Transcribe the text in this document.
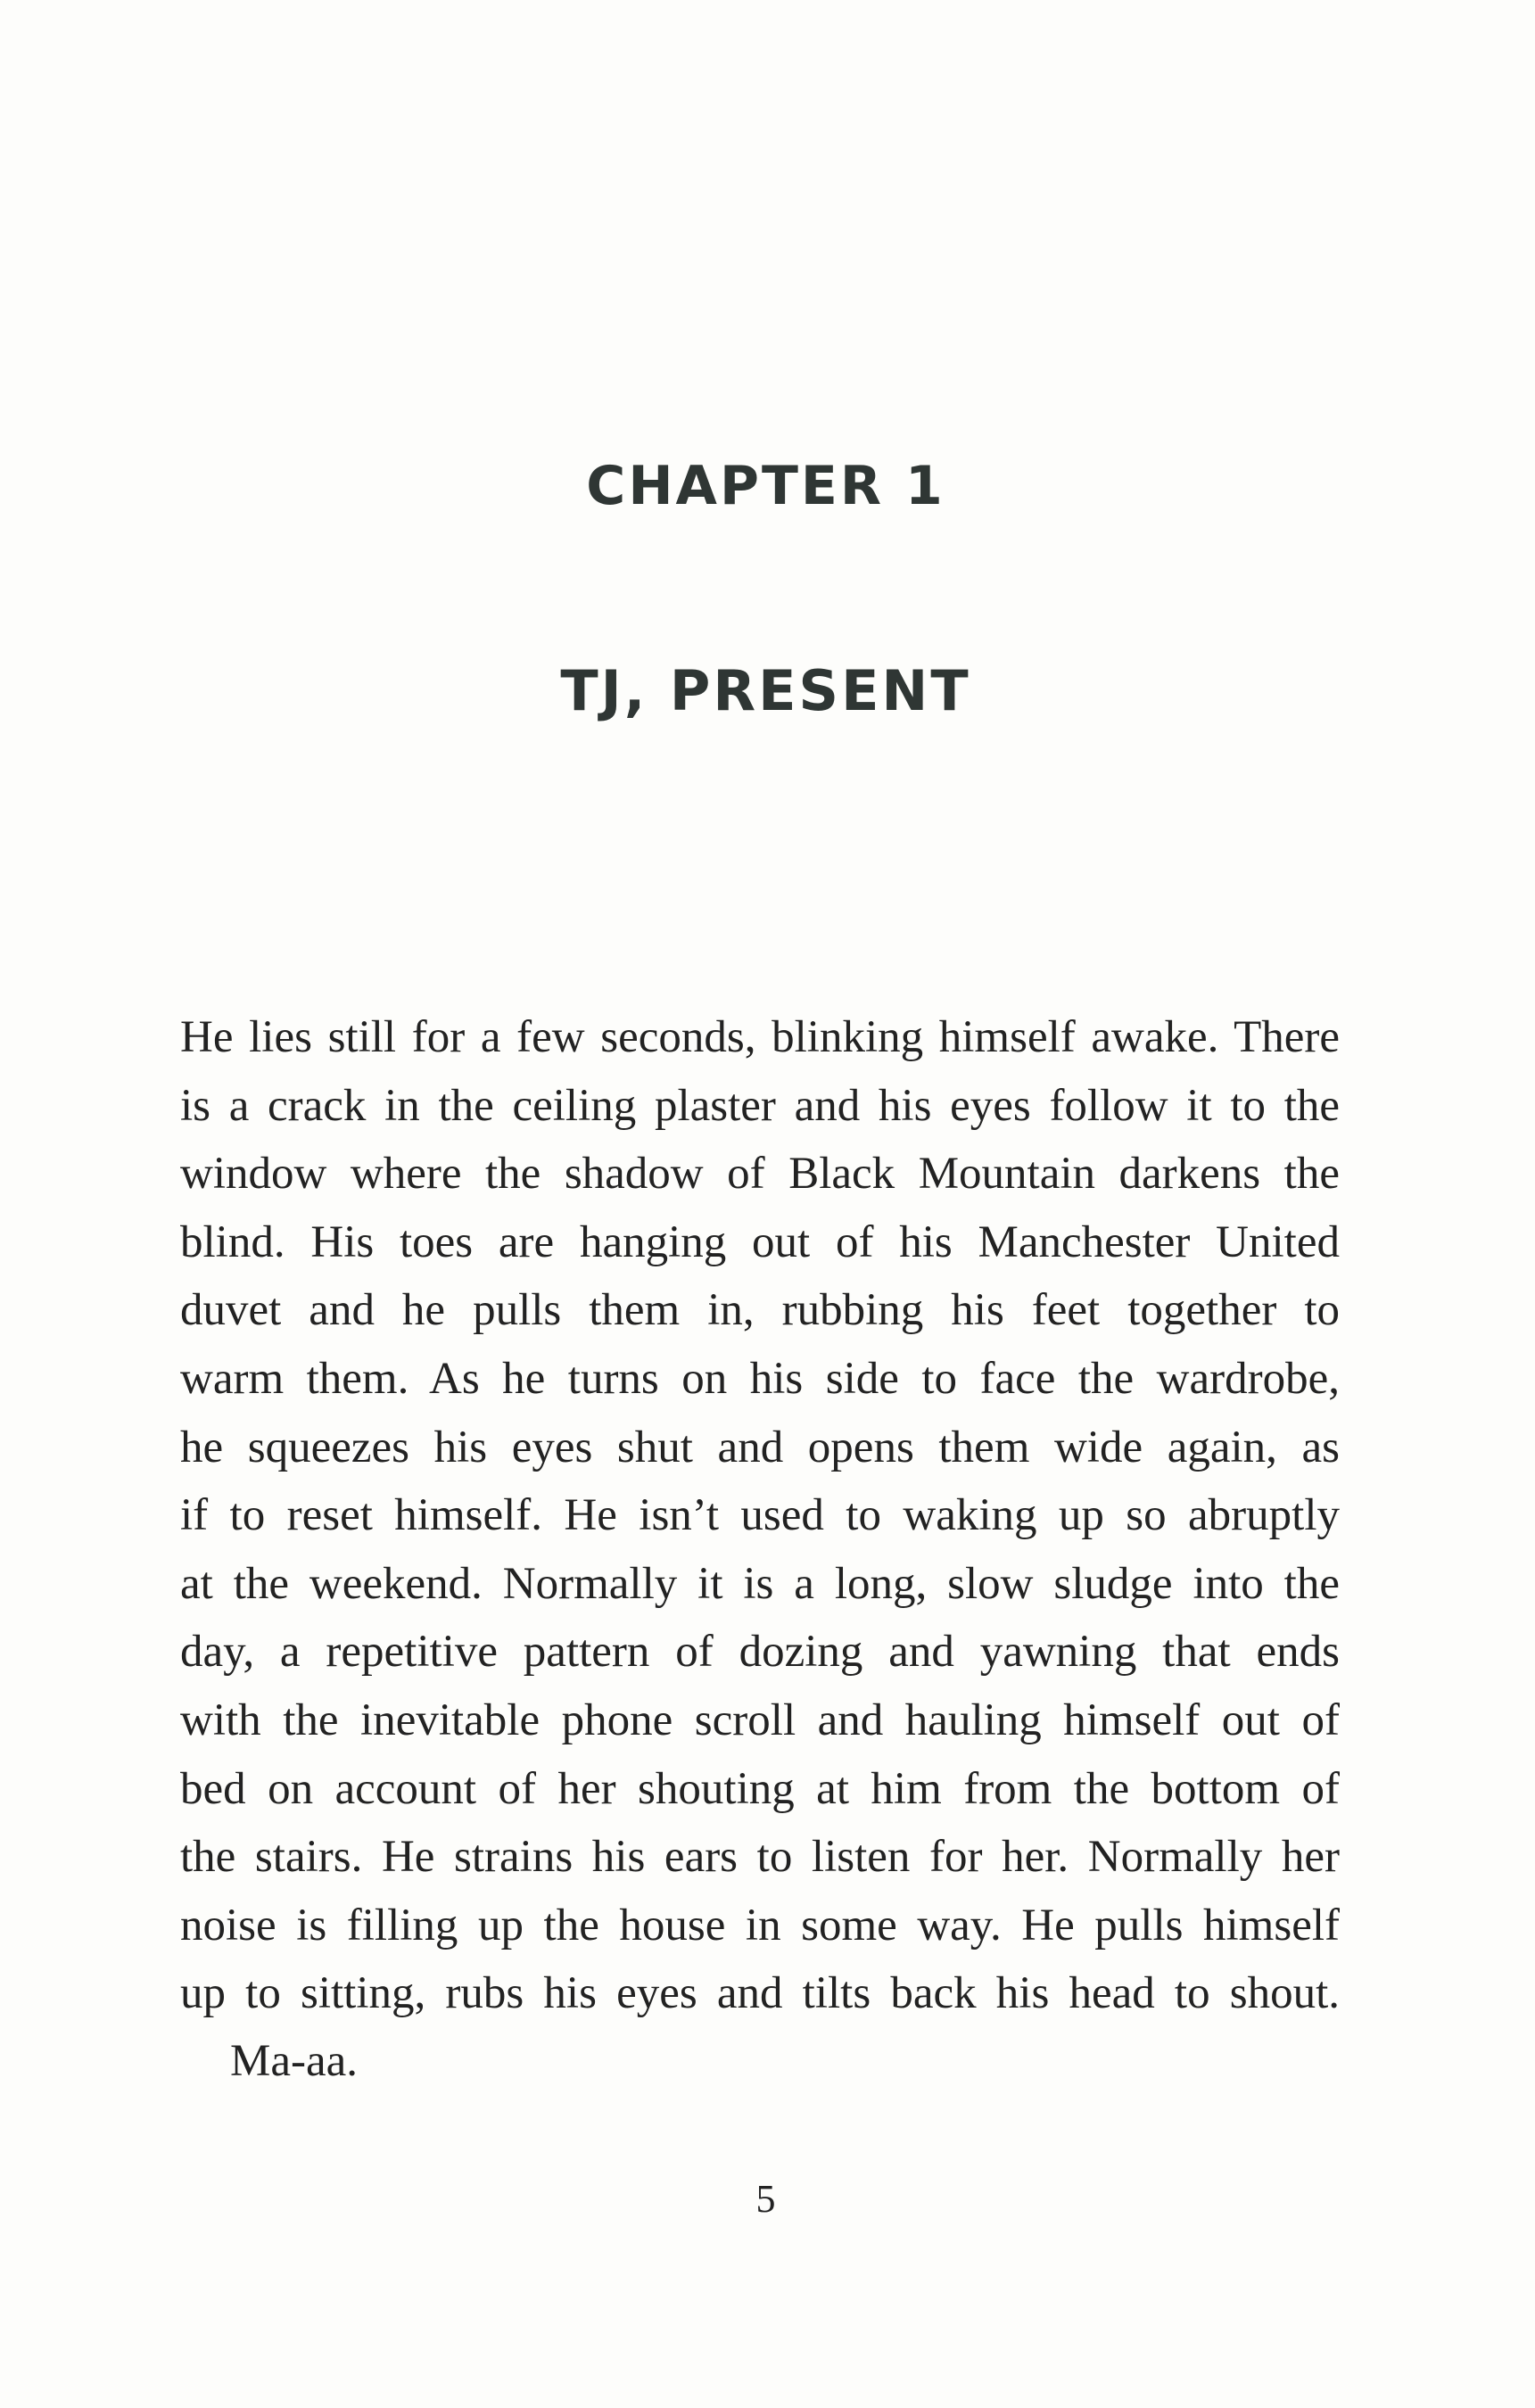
CHAPTER 1
TJ, PRESENT
He lies still for a few seconds, blinking himself awake. There
is a crack in the ceiling plaster and his eyes follow it to the
window where the shadow of Black Mountain darkens the
blind. His toes are hanging out of his Manchester United
duvet and he pulls them in, rubbing his feet together to
warm them. As he turns on his side to face the wardrobe,
he squeezes his eyes shut and opens them wide again, as
if to reset himself. He isn’t used to waking up so abruptly
at the weekend. Normally it is a long, slow sludge into the
day, a repetitive pattern of dozing and yawning that ends
with the inevitable phone scroll and hauling himself out of
bed on account of her shouting at him from the bottom of
the stairs. He strains his ears to listen for her. Normally her
noise is filling up the house in some way. He pulls himself
up to sitting, rubs his eyes and tilts back his head to shout.

Ma-aa.

5
